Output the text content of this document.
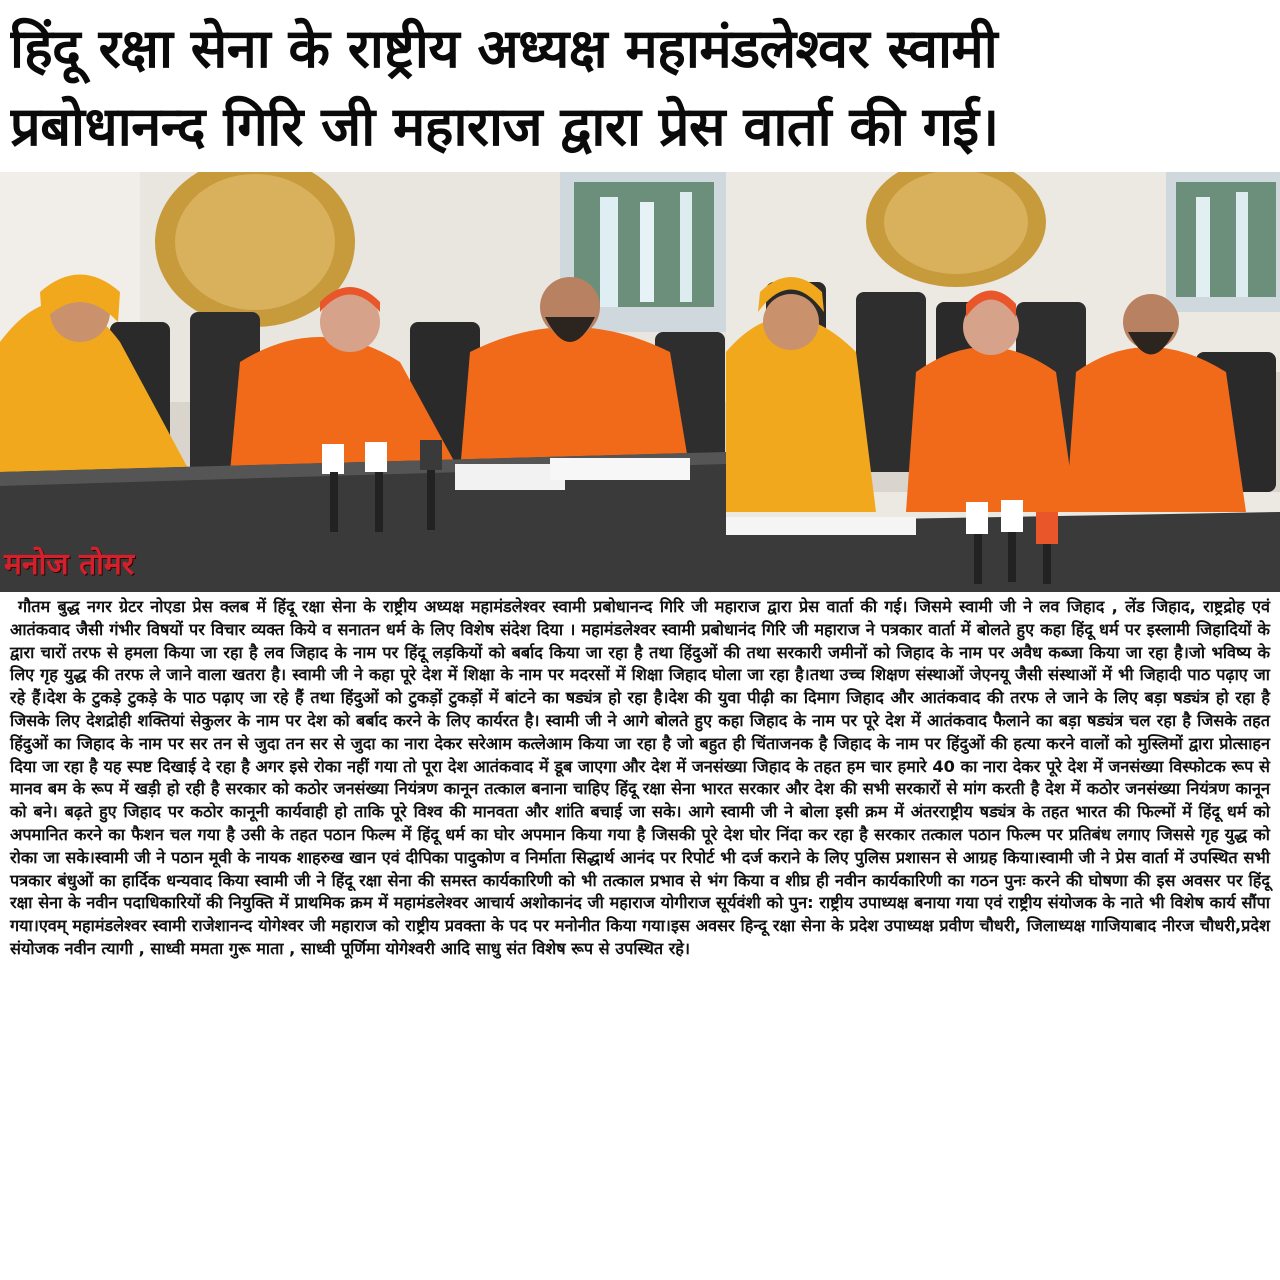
हिंदू रक्षा सेना के राष्ट्रीय अध्यक्ष महामंडलेश्वर स्वामी
प्रबोधानन्द गिरि जी महाराज द्वारा प्रेस वार्ता की गई।
मनोज तोमर

गौतम बुद्ध नगर ग्रेटर नोएडा प्रेस क्लब में हिंदू रक्षा सेना के राष्ट्रीय अध्यक्ष महामंडलेश्वर स्वामी प्रबोधानन्द गिरि जी महाराज द्वारा प्रेस वार्ता की गई। जिसमे स्वामी जी ने लव जिहाद , लेंड जिहाद, राष्ट्रद्रोह एवं आतंकवाद जैसी गंभीर विषयों पर विचार व्यक्त किये व सनातन धर्म के लिए विशेष संदेश दिया । महामंडलेश्वर स्वामी प्रबोधानंद गिरि जी महाराज ने पत्रकार वार्ता में बोलते हुए कहा हिंदू धर्म पर इस्लामी जिहादियों के द्वारा चारों तरफ से हमला किया जा रहा है लव जिहाद के नाम पर हिंदू लड़कियों को बर्बाद किया जा रहा है तथा हिंदुओं की तथा सरकारी जमीनों को जिहाद के नाम पर अवैध कब्जा किया जा रहा है।जो भविष्य के लिए गृह युद्ध की तरफ ले जाने वाला खतरा है। स्वामी जी ने कहा पूरे देश में शिक्षा के नाम पर मदरसों में शिक्षा जिहाद घोला जा रहा है।तथा उच्च शिक्षण संस्थाओं जेएनयू जैसी संस्थाओं में भी जिहादी पाठ पढ़ाए जा रहे हैं।देश के टुकड़े टुकड़े के पाठ पढ़ाए जा रहे हैं तथा हिंदुओं को टुकड़ों टुकड़ों में बांटने का षड्यंत्र हो रहा है।देश की युवा पीढ़ी का दिमाग जिहाद और आतंकवाद की तरफ ले जाने के लिए बड़ा षड्यंत्र हो रहा है जिसके लिए देशद्रोही शक्तियां सेकुलर के नाम पर देश को बर्बाद करने के लिए कार्यरत है। स्वामी जी ने आगे बोलते हुए कहा जिहाद के नाम पर पूरे देश में आतंकवाद फैलाने का बड़ा षड्यंत्र चल रहा है जिसके तहत हिंदुओं का जिहाद के नाम पर सर तन से जुदा तन सर से जुदा का नारा देकर सरेआम कत्लेआम किया जा रहा है जो बहुत ही चिंताजनक है जिहाद के नाम पर हिंदुओं की हत्या करने वालों को मुस्लिमों द्वारा प्रोत्साहन दिया जा रहा है यह स्पष्ट दिखाई दे रहा है अगर इसे रोका नहीं गया तो पूरा देश आतंकवाद में डूब जाएगा और देश में जनसंख्या जिहाद के तहत हम चार हमारे 40 का नारा देकर पूरे देश में जनसंख्या विस्फोटक रूप से मानव बम के रूप में खड़ी हो रही है सरकार को कठोर जनसंख्या नियंत्रण कानून तत्काल बनाना चाहिए हिंदू रक्षा सेना भारत सरकार और देश की सभी सरकारों से मांग करती है देश में कठोर जनसंख्या नियंत्रण कानून को बने। बढ़ते हुए जिहाद पर कठोर कानूनी कार्यवाही हो ताकि पूरे विश्व की मानवता और शांति बचाई जा सके। आगे स्वामी जी ने बोला इसी क्रम में अंतरराष्ट्रीय षड्यंत्र के तहत भारत की फिल्मों में हिंदू धर्म को अपमानित करने का फैशन चल गया है उसी के तहत पठान फिल्म में हिंदू धर्म का घोर अपमान किया गया है जिसकी पूरे देश घोर निंदा कर रहा है सरकार तत्काल पठान फिल्म पर प्रतिबंध लगाए जिससे गृह युद्ध को रोका जा सके।स्वामी जी ने पठान मूवी के नायक शाहरुख खान एवं दीपिका पादुकोण व निर्माता सिद्धार्थ आनंद पर रिपोर्ट भी दर्ज कराने के लिए पुलिस प्रशासन से आग्रह किया।स्वामी जी ने प्रेस वार्ता में उपस्थित सभी पत्रकार बंधुओं का हार्दिक धन्यवाद किया स्वामी जी ने हिंदू रक्षा सेना की समस्त कार्यकारिणी को भी तत्काल प्रभाव से भंग किया व शीघ्र ही नवीन कार्यकारिणी का गठन पुनः करने की घोषणा की इस अवसर पर हिंदू रक्षा सेना के नवीन पदाधिकारियों की नियुक्ति में प्राथमिक क्रम में महामंडलेश्वर आचार्य अशोकानंद जी महाराज योगीराज सूर्यवंशी को पुन: राष्ट्रीय उपाध्यक्ष बनाया गया एवं राष्ट्रीय संयोजक के नाते भी विशेष कार्य सौंपा गया।एवम् महामंडलेश्वर स्वामी राजेशानन्द योगेश्वर जी महाराज को राष्ट्रीय प्रवक्ता के पद पर मनोनीत किया गया।इस अवसर हिन्दू रक्षा सेना के प्रदेश उपाध्यक्ष प्रवीण चौधरी, जिलाध्यक्ष गाजियाबाद नीरज चौधरी,प्रदेश संयोजक नवीन त्यागी , साध्वी ममता गुरू माता , साध्वी पूर्णिमा योगेश्वरी आदि साधु संत विशेष रूप से उपस्थित रहे।
